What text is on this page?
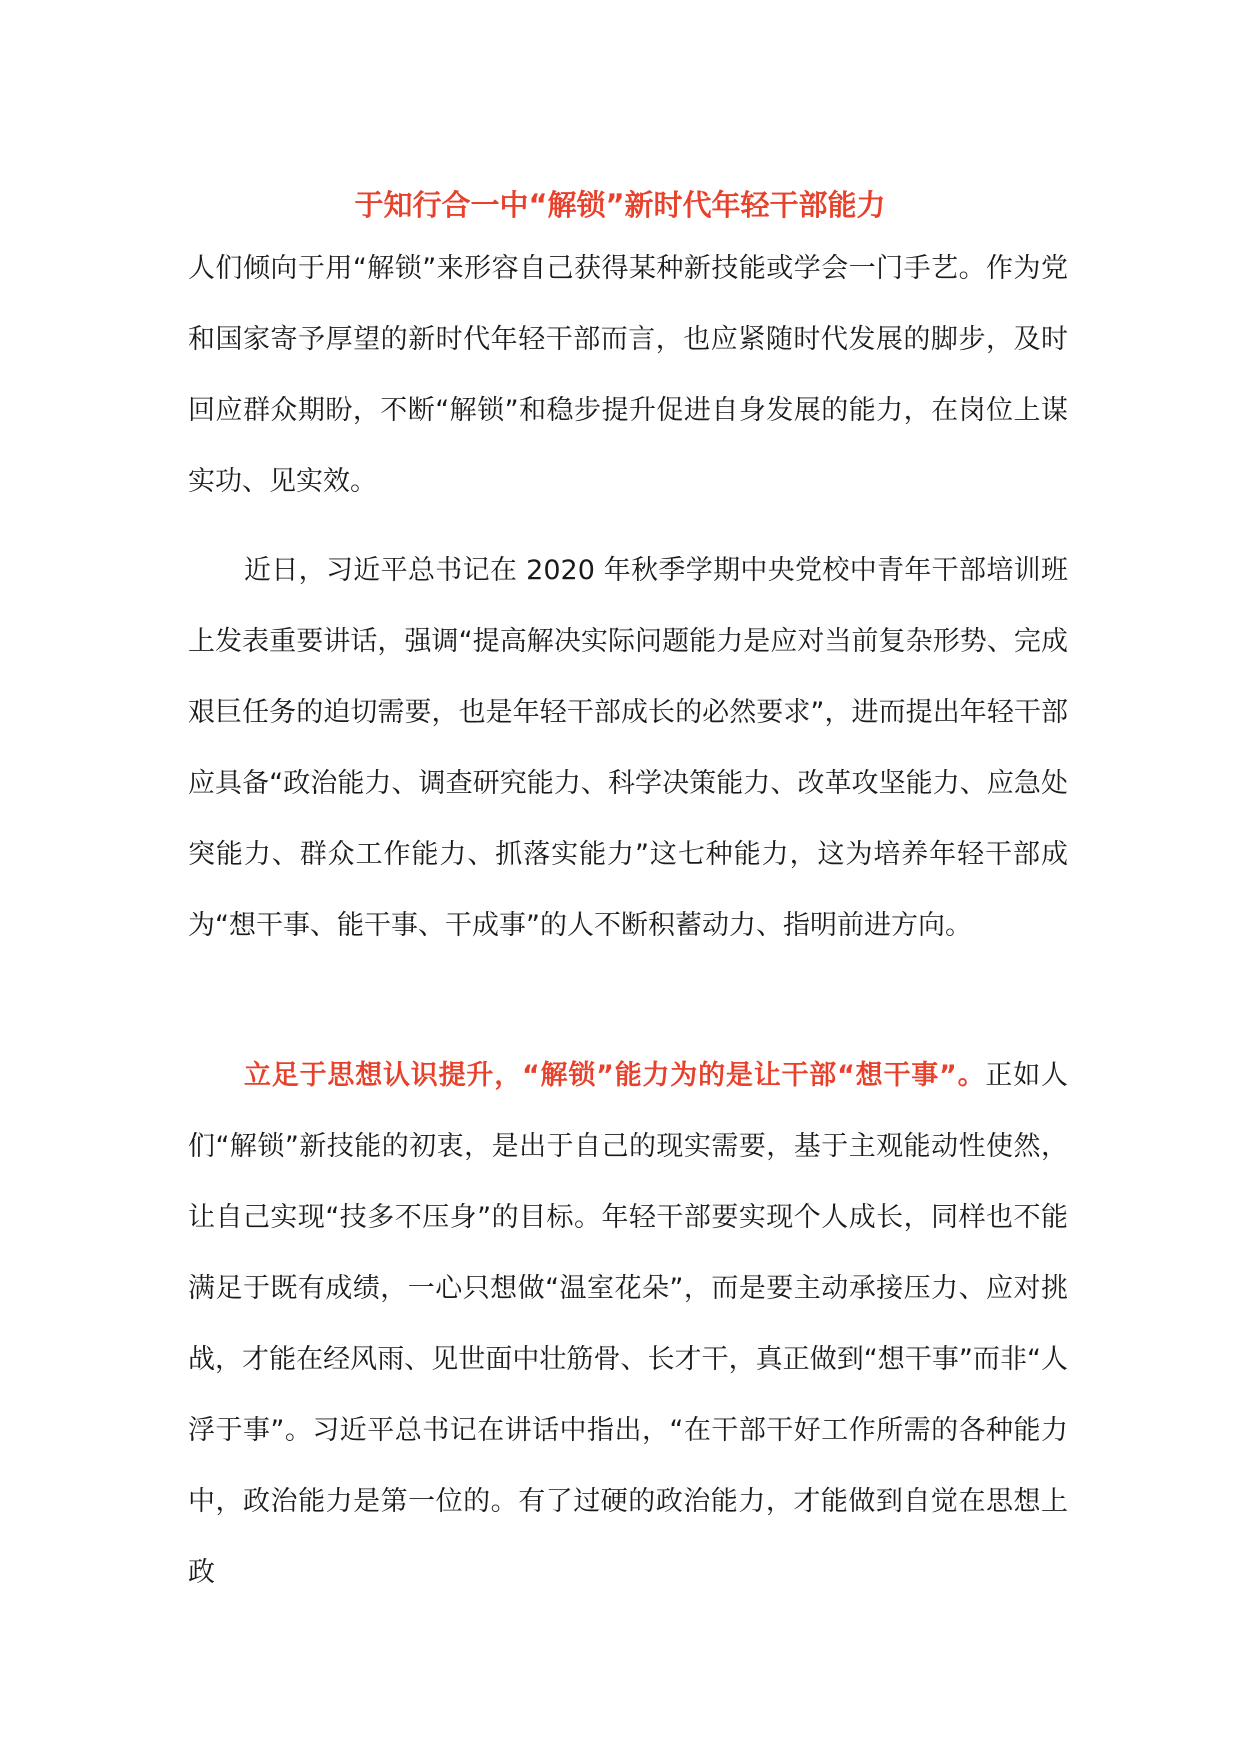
于知行合一中“解锁”新时代年轻干部能力

人们倾向于用“解锁”来形容自己获得某种新技能或学会一门手艺。作为党和国家寄予厚望的新时代年轻干部而言，也应紧随时代发展的脚步，及时回应群众期盼，不断“解锁”和稳步提升促进自身发展的能力，在岗位上谋实功、见实效。

近日，习近平总书记在 2020 年秋季学期中央党校中青年干部培训班上发表重要讲话，强调“提高解决实际问题能力是应对当前复杂形势、完成艰巨任务的迫切需要，也是年轻干部成长的必然要求”，进而提出年轻干部应具备“政治能力、调查研究能力、科学决策能力、改革攻坚能力、应急处突能力、群众工作能力、抓落实能力”这七种能力，这为培养年轻干部成为“想干事、能干事、干成事”的人不断积蓄动力、指明前进方向。

立足于思想认识提升，“解锁”能力为的是让干部“想干事”。正如人们“解锁”新技能的初衷，是出于自己的现实需要，基于主观能动性使然，让自己实现“技多不压身”的目标。年轻干部要实现个人成长，同样也不能满足于既有成绩，一心只想做“温室花朵”，而是要主动承接压力、应对挑战，才能在经风雨、见世面中壮筋骨、长才干，真正做到“想干事”而非“人浮于事”。习近平总书记在讲话中指出，“在干部干好工作所需的各种能力中，政治能力是第一位的。有了过硬的政治能力，才能做到自觉在思想上政
